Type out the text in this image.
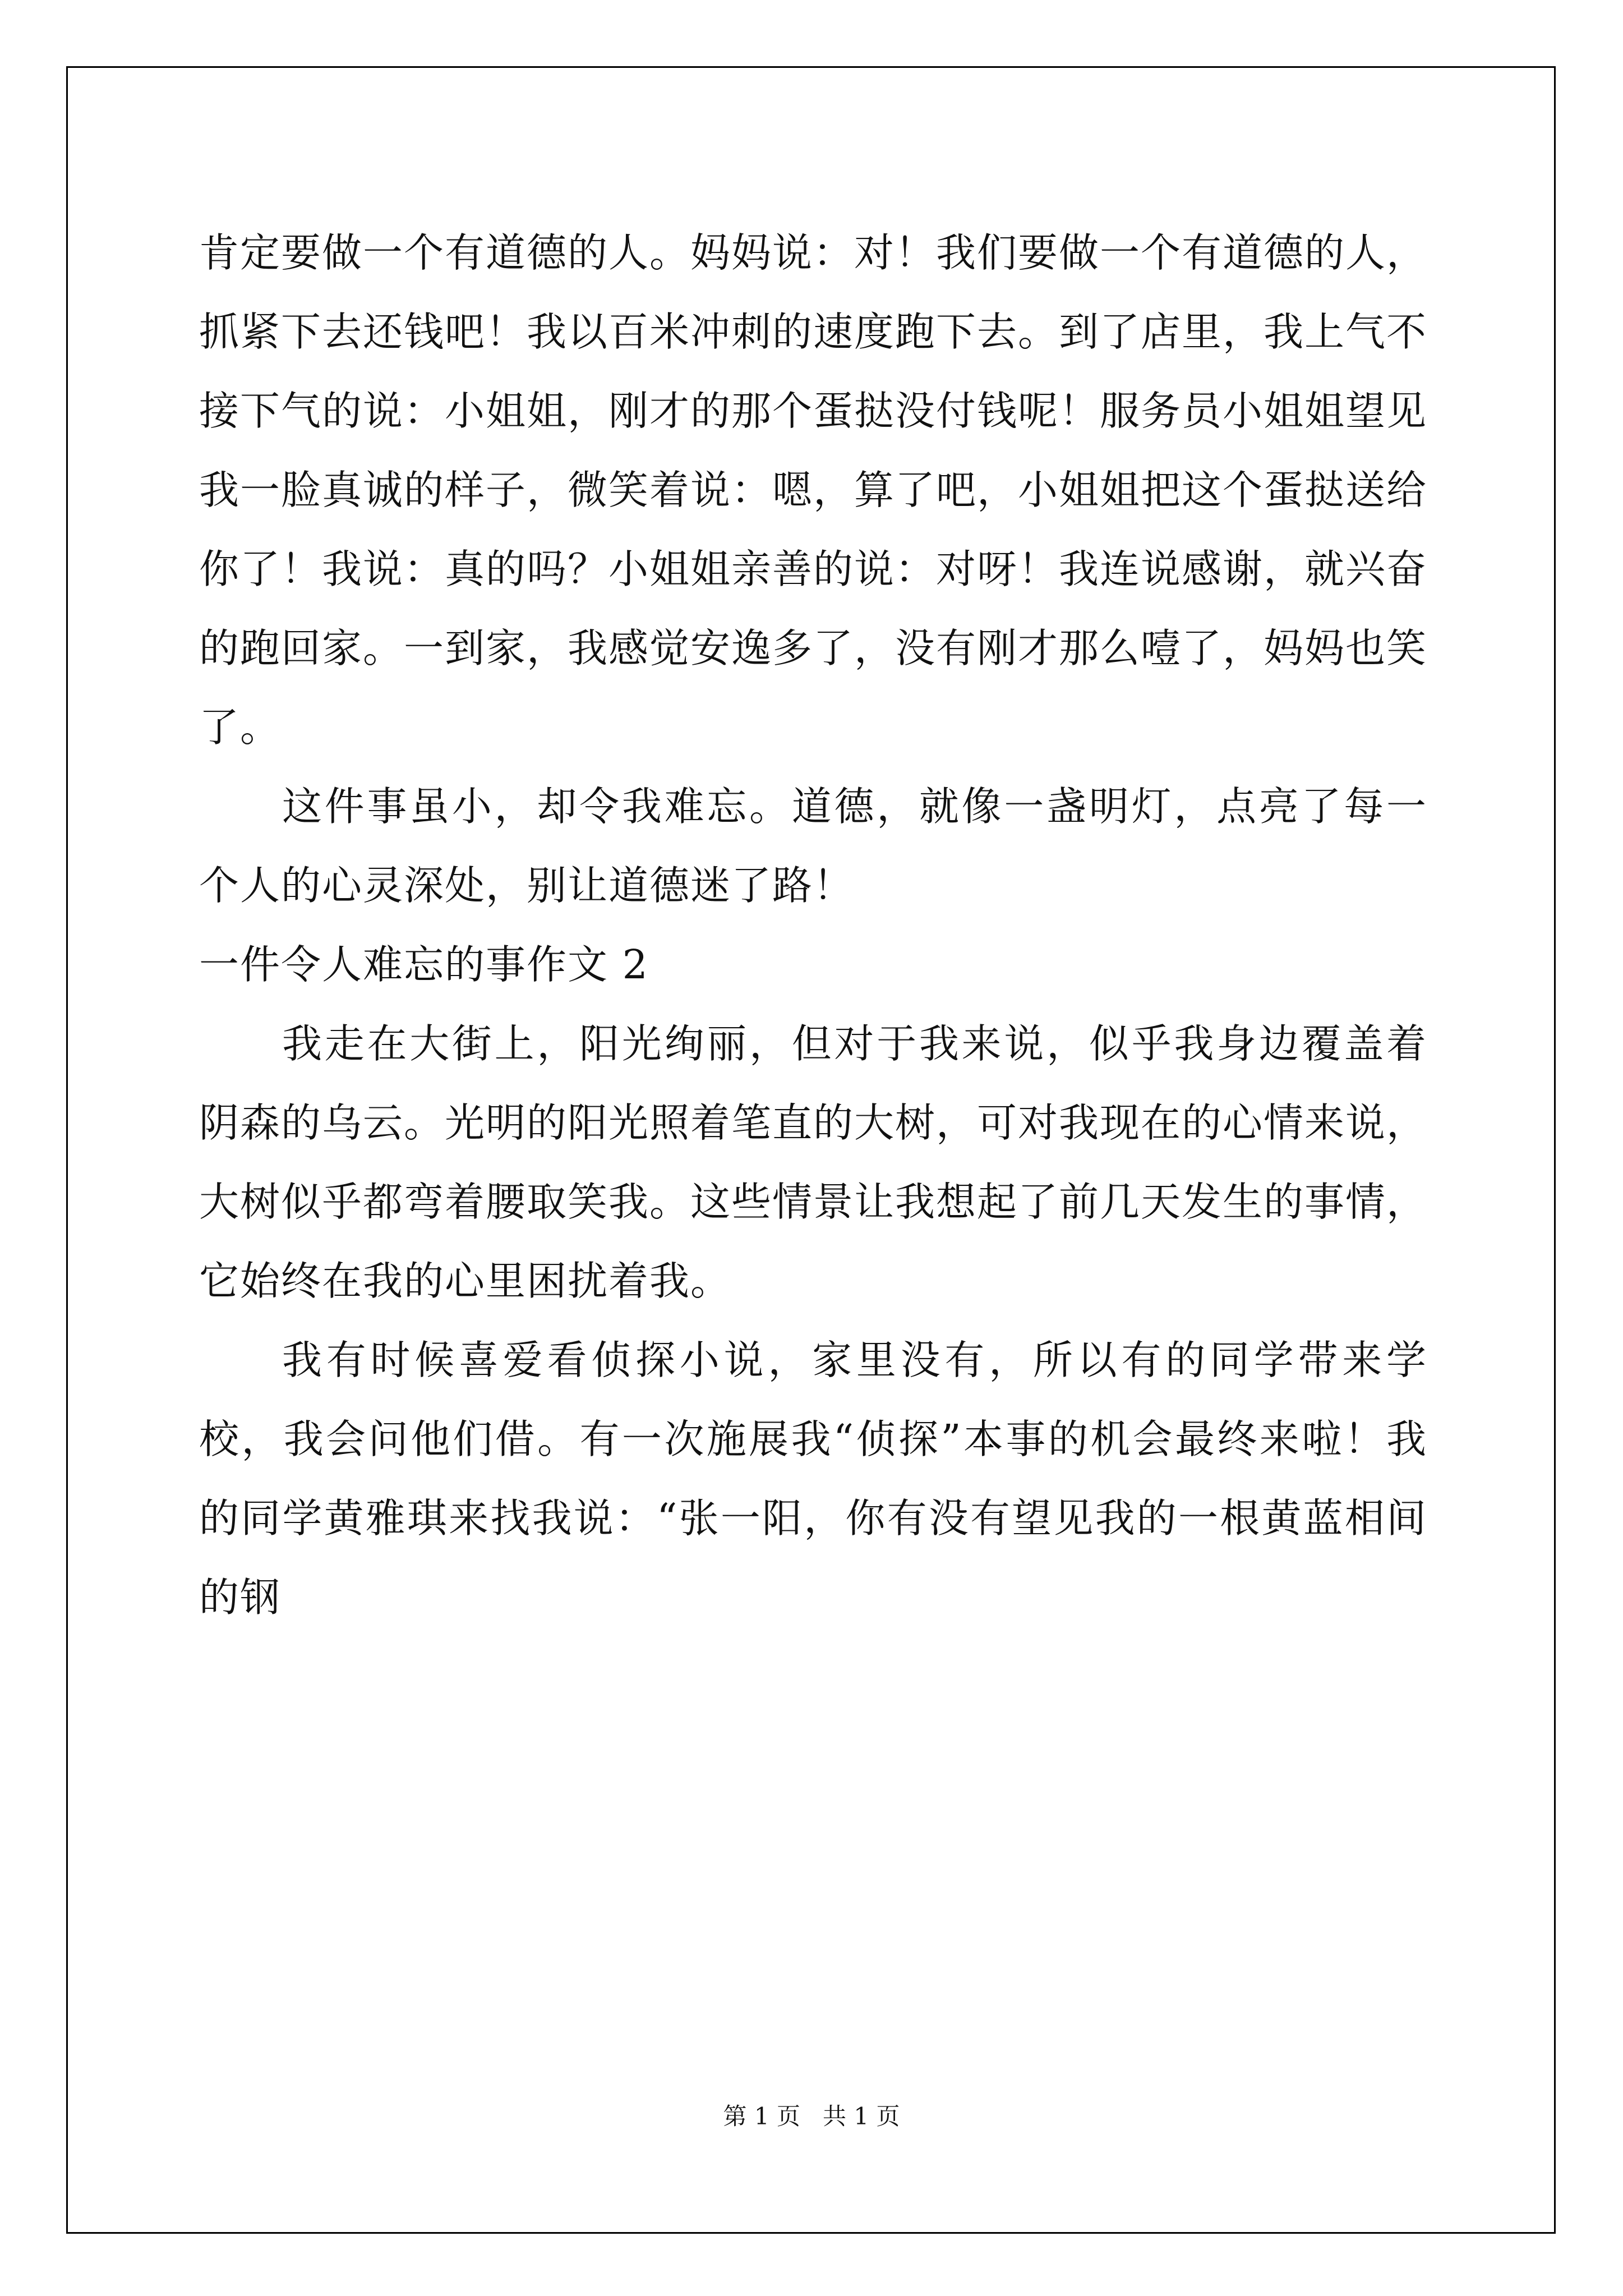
肯定要做一个有道德的人。妈妈说：对！我们要做一个有道德的人，抓紧下去还钱吧！我以百米冲刺的速度跑下去。到了店里，我上气不接下气的说：小姐姐，刚才的那个蛋挞没付钱呢！服务员小姐姐望见我一脸真诚的样子，微笑着说：嗯，算了吧，小姐姐把这个蛋挞送给你了！我说：真的吗？小姐姐亲善的说：对呀！我连说感谢，就兴奋的跑回家。一到家，我感觉安逸多了，没有刚才那么噎了，妈妈也笑了。

这件事虽小，却令我难忘。道德，就像一盏明灯，点亮了每一个人的心灵深处，别让道德迷了路！

一件令人难忘的事作文 2

我走在大街上，阳光绚丽，但对于我来说，似乎我身边覆盖着阴森的乌云。光明的阳光照着笔直的大树，可对我现在的心情来说，大树似乎都弯着腰取笑我。这些情景让我想起了前几天发生的事情，它始终在我的心里困扰着我。

我有时候喜爱看侦探小说，家里没有，所以有的同学带来学校，我会问他们借。有一次施展我“侦探”本事的机会最终来啦！我的同学黄雅琪来找我说：“张一阳，你有没有望见我的一根黄蓝相间的钢

第 1 页   共 1 页
